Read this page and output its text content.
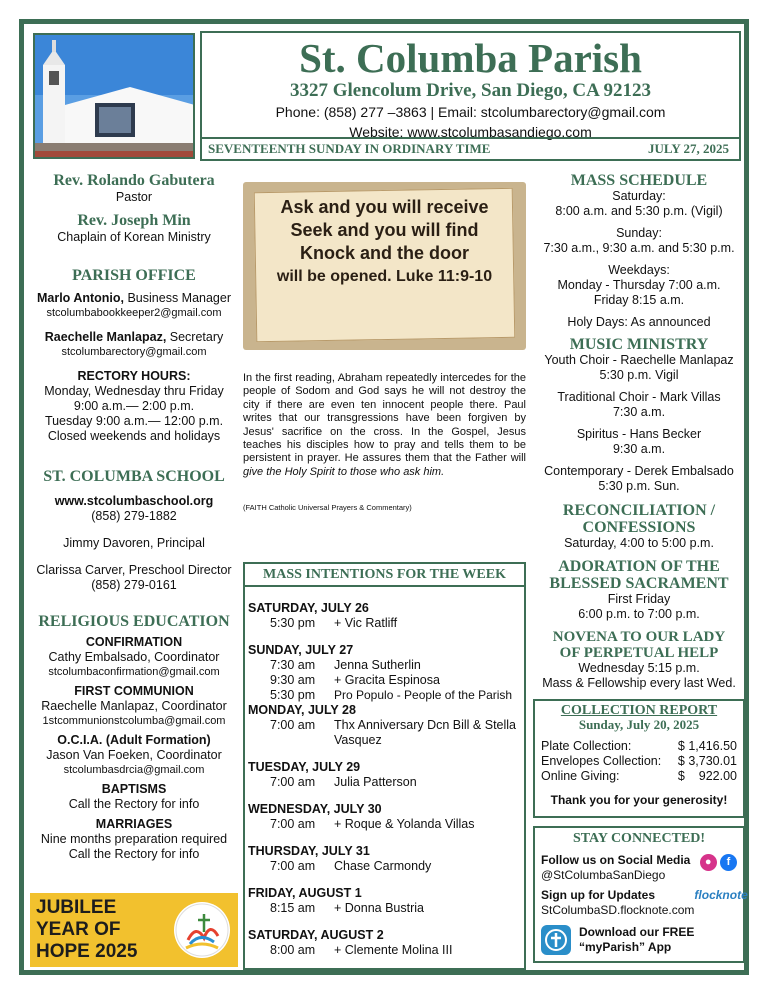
St. Columba Parish
3327 Glencolum Drive, San Diego, CA 92123
Phone: (858) 277 –3863 | Email: stcolumbarectory@gmail.com
Website: www.stcolumbasandiego.com
SEVENTEENTH SUNDAY IN ORDINARY TIME	JULY 27, 2025
Rev. Rolando Gabutera
Pastor
Rev. Joseph Min
Chaplain of Korean Ministry
PARISH OFFICE
Marlo Antonio, Business Manager
stcolumbabookkeeper2@gmail.com
Raechelle Manlapaz, Secretary
stcolumbarectory@gmail.com
RECTORY HOURS:
Monday, Wednesday thru Friday
9:00 a.m.— 2:00 p.m.
Tuesday 9:00 a.m.— 12:00 p.m.
Closed weekends and holidays
ST. COLUMBA SCHOOL
www.stcolumbaschool.org
(858) 279-1882
Jimmy Davoren, Principal
Clarissa Carver, Preschool Director
(858) 279-0161
RELIGIOUS EDUCATION
CONFIRMATION
Cathy Embalsado, Coordinator
stcolumbaconfirmation@gmail.com
FIRST COMMUNION
Raechelle Manlapaz, Coordinator
1stcommunionstcolumba@gmail.com
O.C.I.A. (Adult Formation)
Jason Van Foeken, Coordinator
stcolumbasdrcia@gmail.com
BAPTISMS
Call the Rectory for info
MARRIAGES
Nine months preparation required
Call the Rectory for info
JUBILEE YEAR OF HOPE 2025
Ask and you will receive
Seek and you will find
Knock and the door
will be opened. Luke 11:9-10
In the first reading, Abraham repeatedly intercedes for the people of Sodom and God says he will not destroy the city if there are even ten innocent people there. Paul writes that our transgressions have been forgiven by Jesus' sacrifice on the cross. In the Gospel, Jesus teaches his disciples how to pray and tells them to be persistent in prayer. He assures them that the Father will give the Holy Spirit to those who ask him.
(FAITH Catholic Universal Prayers & Commentary)
MASS INTENTIONS FOR THE WEEK
SATURDAY, JULY 26
5:30 pm	+ Vic Ratliff
SUNDAY, JULY 27
7:30 am	Jenna Sutherlin
9:30 am	+ Gracita Espinosa
5:30 pm	Pro Populo - People of the Parish
MONDAY, JULY 28
7:00 am	Thx Anniversary Dcn Bill & Stella Vasquez
TUESDAY, JULY 29
7:00 am	Julia Patterson
WEDNESDAY, JULY 30
7:00 am	+ Roque & Yolanda Villas
THURSDAY, JULY 31
7:00 am	Chase Carmondy
FRIDAY, AUGUST 1
8:15 am	+ Donna Bustria
SATURDAY, AUGUST 2
8:00 am	+ Clemente Molina III
MASS SCHEDULE
Saturday:
8:00 a.m. and 5:30 p.m. (Vigil)
Sunday:
7:30 a.m., 9:30 a.m. and 5:30 p.m.
Weekdays:
Monday - Thursday 7:00 a.m.
Friday 8:15 a.m.
Holy Days: As announced
MUSIC MINISTRY
Youth Choir - Raechelle Manlapaz
5:30 p.m. Vigil
Traditional Choir - Mark Villas
7:30 a.m.
Spiritus - Hans Becker
9:30 a.m.
Contemporary - Derek Embalsado
5:30 p.m. Sun.
RECONCILIATION /
CONFESSIONS
Saturday, 4:00 to 5:00 p.m.
ADORATION OF THE
BLESSED SACRAMENT
First Friday
6:00 p.m. to 7:00 p.m.
NOVENA TO OUR LADY
OF PERPETUAL HELP
Wednesday 5:15 p.m.
Mass & Fellowship every last Wed.
COLLECTION REPORT
Sunday, July 20, 2025
Plate Collection:	$ 1,416.50
Envelopes Collection: $ 3,730.01
Online Giving:	$    922.00
Thank you for your generosity!
STAY CONNECTED!
Follow us on Social Media
@StColumbaSanDiego
● f
Sign up for Updates
StColumbaSD.flocknote.com
flocknote
Download our FREE
“myParish” App
